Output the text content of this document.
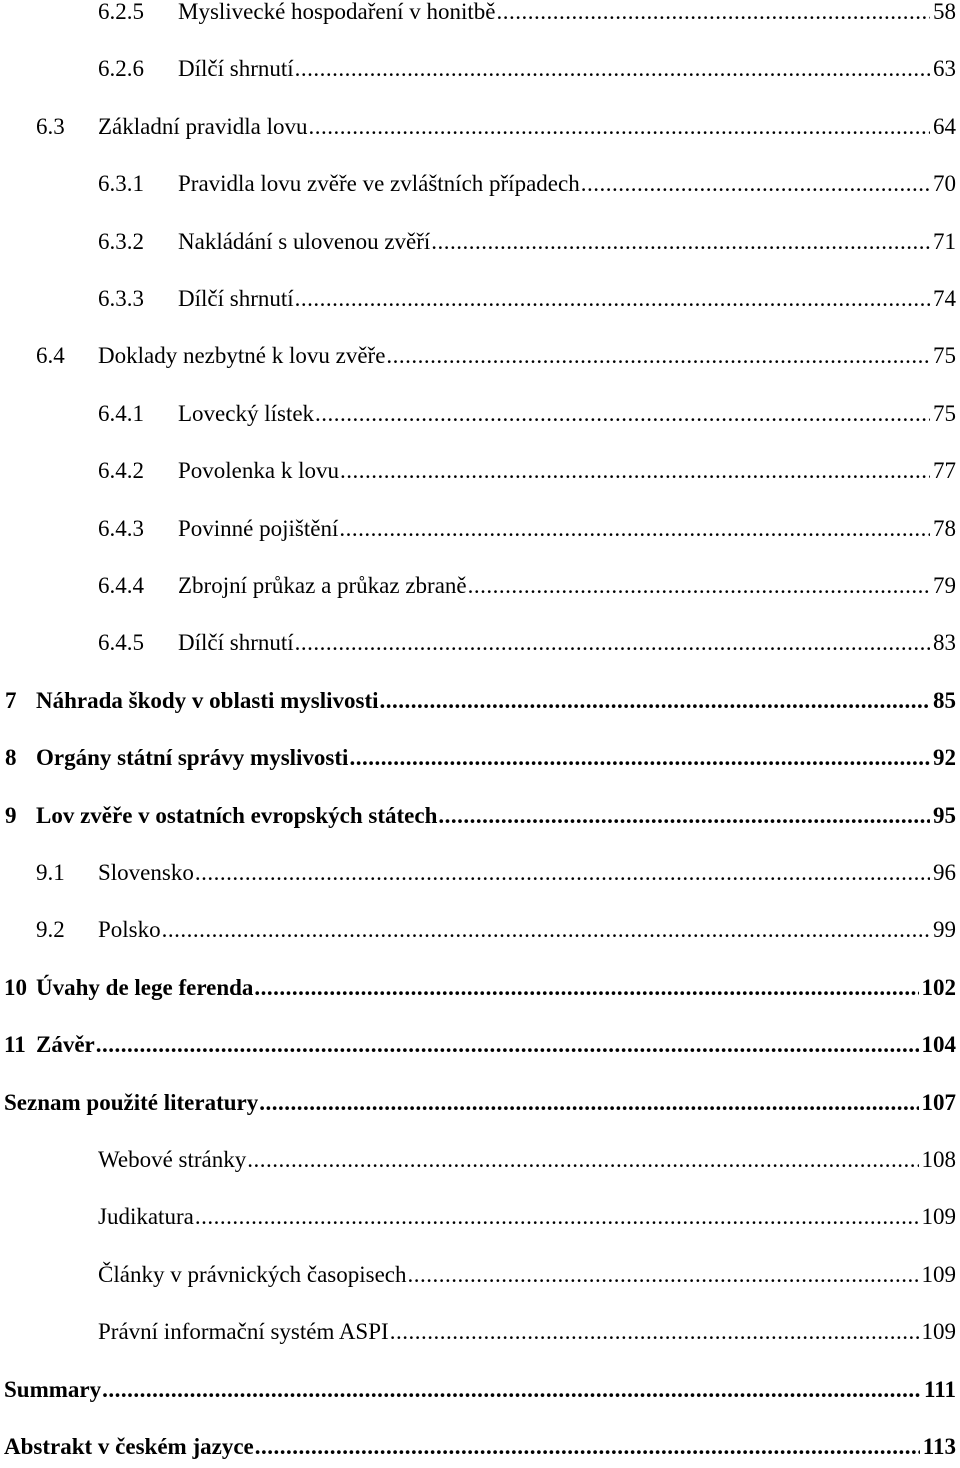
6.2.5 Myslivecké hospodaření v honitbě .....	58
6.2.6 Dílčí shrnutí .....	63
6.3 Základní pravidla lovu .....	64
6.3.1 Pravidla lovu zvěře ve zvláštních případech .....	70
6.3.2 Nakládání s ulovenou zvěří .....	71
6.3.3 Dílčí shrnutí .....	74
6.4 Doklady nezbytné k lovu zvěře .....	75
6.4.1 Lovecký lístek .....	75
6.4.2 Povolenka k lovu .....	77
6.4.3 Povinné pojištění .....	78
6.4.4 Zbrojní průkaz a průkaz zbraně .....	79
6.4.5 Dílčí shrnutí .....	83
7 Náhrada škody v oblasti myslivosti .....	85
8 Orgány státní správy myslivosti .....	92
9 Lov zvěře v ostatních evropských státech .....	95
9.1 Slovensko .....	96
9.2 Polsko .....	99
10 Úvahy de lege ferenda .....	102
11 Závěr .....	104
Seznam použité literatury .....	107
Webové stránky .....	108
Judikatura .....	109
Články v právnických časopisech .....	109
Právní informační systém ASPI .....	109
Summary .....	111
Abstrakt v českém jazyce .....	113
